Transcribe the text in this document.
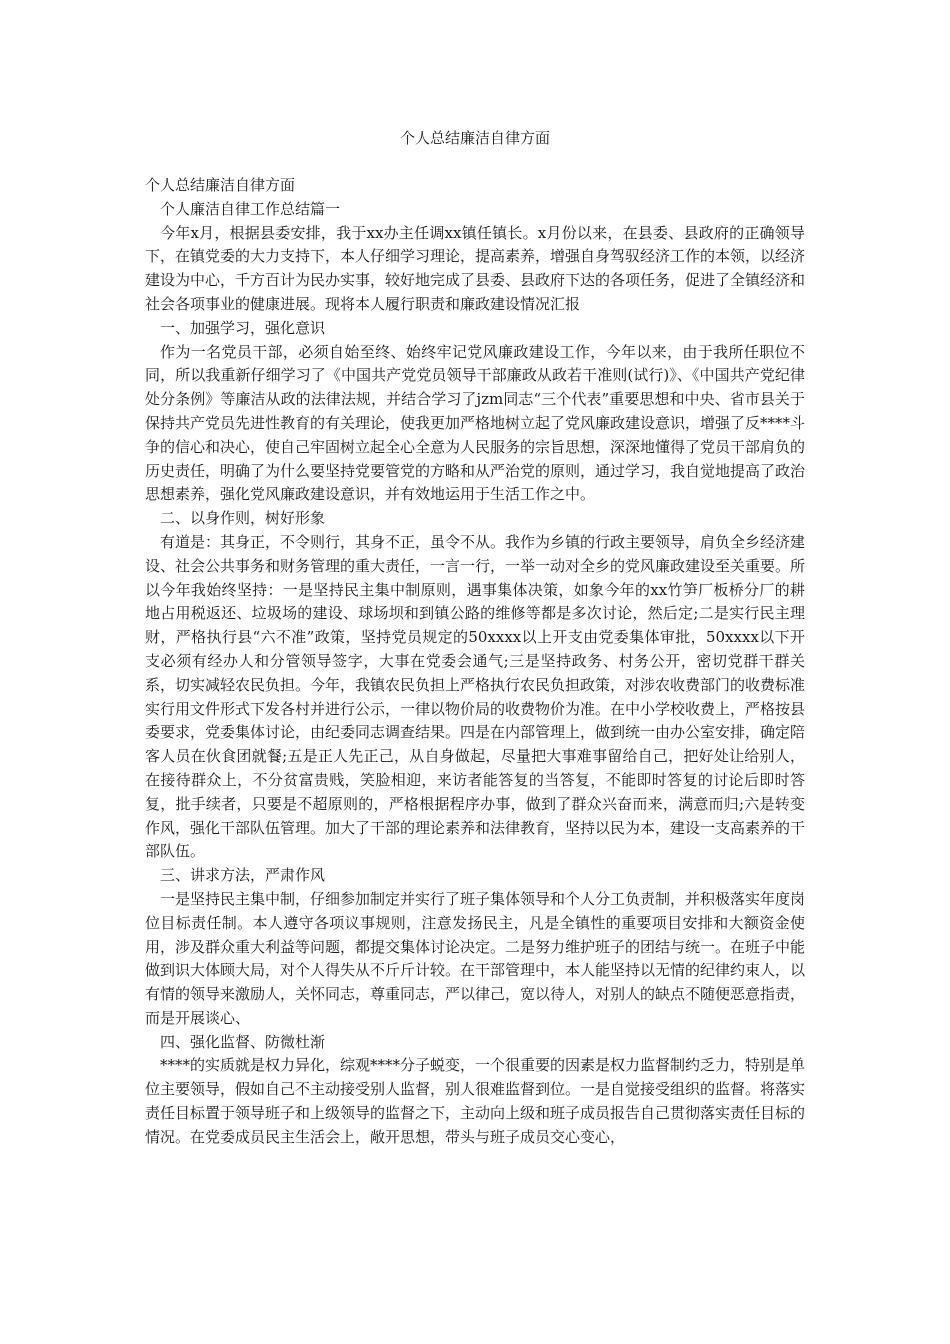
个人总结廉洁自律方面

个人总结廉洁自律方面

个人廉洁自律工作总结篇一

今年x月，根据县委安排，我于xx办主任调xx镇任镇长。x月份以来，在县委、县政府的正确领导下，在镇党委的大力支持下，本人仔细学习理论，提高素养，增强自身驾驭经济工作的本领，以经济建设为中心，千方百计为民办实事，较好地完成了县委、县政府下达的各项任务，促进了全镇经济和社会各项事业的健康进展。现将本人履行职责和廉政建设情况汇报

一、加强学习，强化意识

作为一名党员干部，必须自始至终、始终牢记党风廉政建设工作，今年以来，由于我所任职位不同，所以我重新仔细学习了《中国共产党党员领导干部廉政从政若干准则(试行)》、《中国共产党纪律处分条例》等廉洁从政的法律法规，并结合学习了jzm同志“三个代表”重要思想和中央、省市县关于保持共产党员先进性教育的有关理论，使我更加严格地树立起了党风廉政建设意识，增强了反****斗争的信心和决心，使自己牢固树立起全心全意为人民服务的宗旨思想，深深地懂得了党员干部肩负的历史责任，明确了为什么要坚持党要管党的方略和从严治党的原则，通过学习，我自觉地提高了政治思想素养，强化党风廉政建设意识，并有效地运用于生活工作之中。

二、以身作则，树好形象

有道是：其身正，不令则行，其身不正，虽令不从。我作为乡镇的行政主要领导，肩负全乡经济建设、社会公共事务和财务管理的重大责任，一言一行，一举一动对全乡的党风廉政建设至关重要。所以今年我始终坚持：一是坚持民主集中制原则，遇事集体决策，如象今年的xx竹笋厂板桥分厂的耕地占用税返还、垃圾场的建设、球场坝和到镇公路的维修等都是多次讨论，然后定;二是实行民主理财，严格执行县“六不准”政策，坚持党员规定的50xxxx以上开支由党委集体审批，50xxxx以下开支必须有经办人和分管领导签字，大事在党委会通气;三是坚持政务、村务公开，密切党群干群关系，切实减轻农民负担。今年，我镇农民负担上严格执行农民负担政策，对涉农收费部门的收费标准实行用文件形式下发各村并进行公示，一律以物价局的收费物价为准。在中小学校收费上，严格按县委要求，党委集体讨论，由纪委同志调查结果。四是在内部管理上，做到统一由办公室安排，确定陪客人员在伙食团就餐;五是正人先正己，从自身做起，尽量把大事难事留给自己，把好处让给别人，在接待群众上，不分贫富贵贱，笑脸相迎，来访者能答复的当答复，不能即时答复的讨论后即时答复，批手续者，只要是不超原则的，严格根据程序办事，做到了群众兴奋而来，满意而归;六是转变作风，强化干部队伍管理。加大了干部的理论素养和法律教育，坚持以民为本，建设一支高素养的干部队伍。

三、讲求方法，严肃作风

一是坚持民主集中制，仔细参加制定并实行了班子集体领导和个人分工负责制，并积极落实年度岗位目标责任制。本人遵守各项议事规则，注意发扬民主，凡是全镇性的重要项目安排和大额资金使用，涉及群众重大利益等问题，都提交集体讨论决定。二是努力维护班子的团结与统一。在班子中能做到识大体顾大局，对个人得失从不斤斤计较。在干部管理中，本人能坚持以无情的纪律约束人，以有情的领导来激励人，关怀同志，尊重同志，严以律己，宽以待人，对别人的缺点不随便恶意指责，而是开展谈心、

四、强化监督、防微杜渐

****的实质就是权力异化，综观****分子蜕变，一个很重要的因素是权力监督制约乏力，特别是单位主要领导，假如自己不主动接受别人监督，别人很难监督到位。一是自觉接受组织的监督。将落实责任目标置于领导班子和上级领导的监督之下，主动向上级和班子成员报告自己贯彻落实责任目标的情况。在党委成员民主生活会上，敞开思想，带头与班子成员交心变心，
